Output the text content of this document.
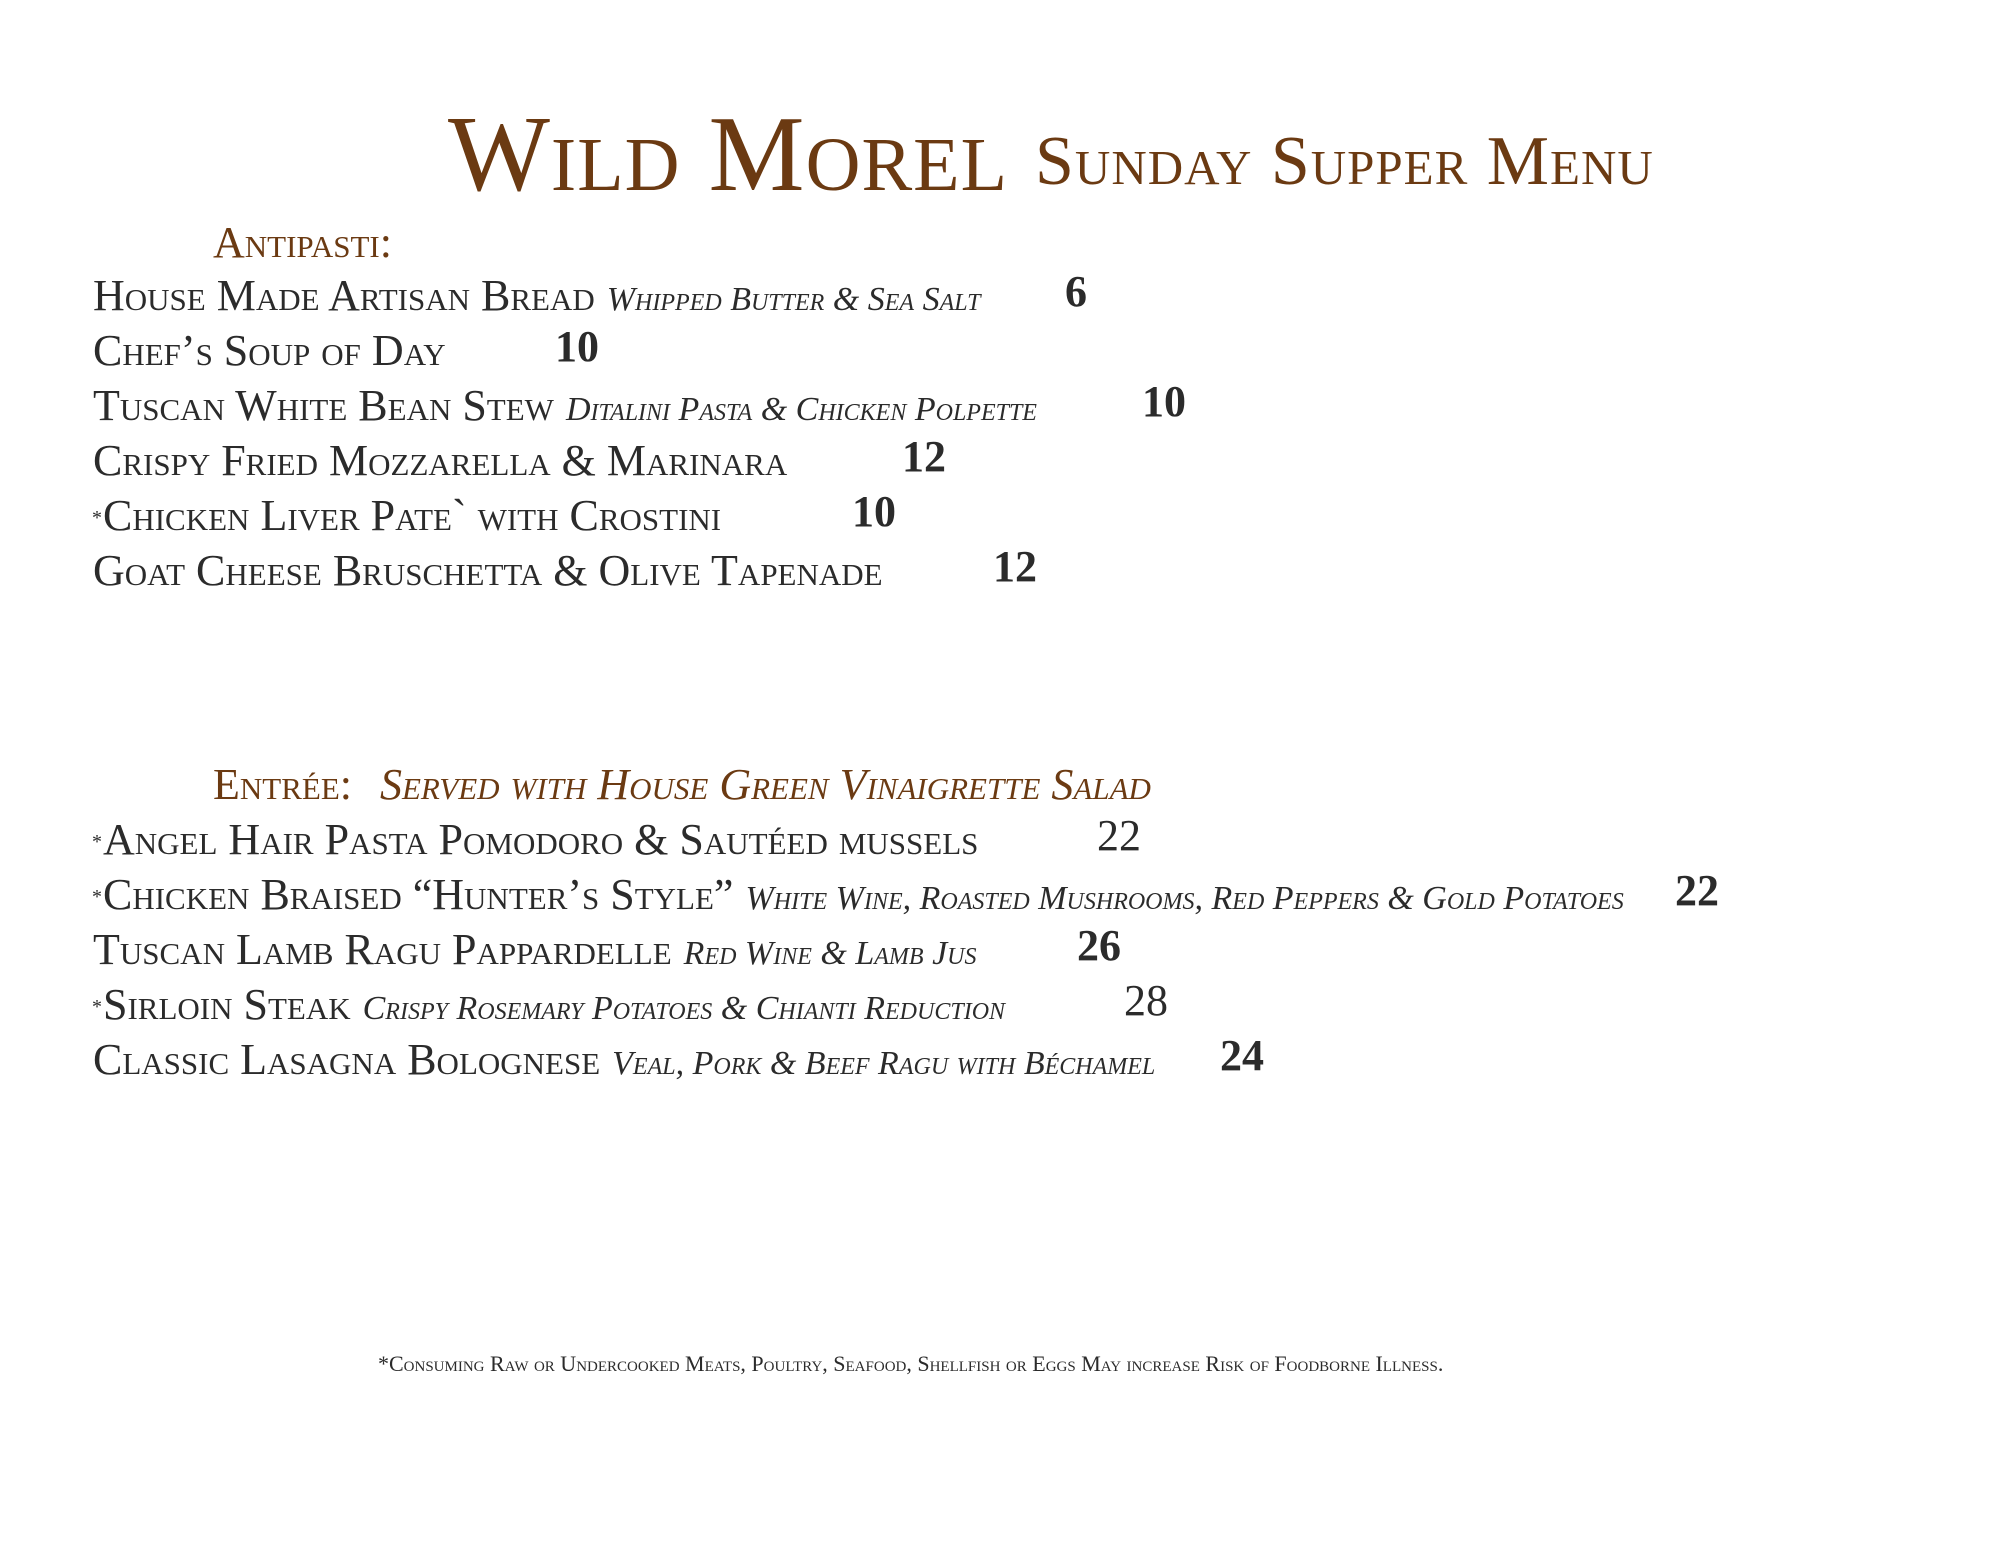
Wild Morel Sunday Supper Menu
Antipasti:
House Made Artisan Bread Whipped Butter & Sea Salt 6
Chef’s Soup of Day 10
Tuscan White Bean Stew Ditalini Pasta & Chicken Polpette 10
Crispy Fried Mozzarella & Marinara	12
*Chicken Liver Pate` with Crostini	10
Goat Cheese Bruschetta & Olive Tapenade	12
Entrée: Served with House Green Vinaigrette Salad
*Angel Hair Pasta Pomodoro & Sautéed mussels	22
*Chicken Braised “Hunter’s Style” White Wine, Roasted Mushrooms, Red Peppers & Gold Potatoes 22
Tuscan Lamb Ragu Pappardelle Red Wine & Lamb Jus 26
*Sirloin Steak Crispy Rosemary Potatoes & Chianti Reduction	28
Classic Lasagna Bolognese Veal, Pork & Beef Ragu with Béchamel 24
*Consuming Raw or Undercooked Meats, Poultry, Seafood, Shellfish or Eggs May increase Risk of Foodborne Illness.
